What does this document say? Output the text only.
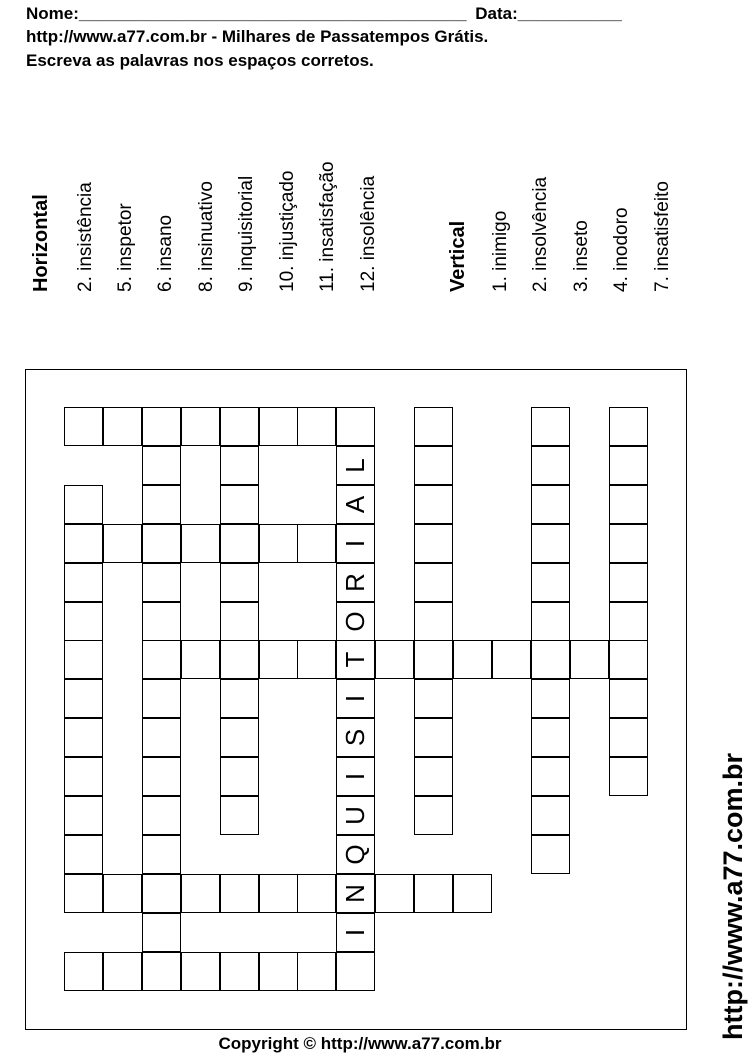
Nome:_________________________________________ Data:___________
http://www.a77.com.br - Milhares de Passatempos Grátis.
Escreva as palavras nos espaços corretos.
Horizontal 2. insistência 5. inspetor 6. insano 8. insinuativo 9. inquisitorial 10. injustiçado 11. insatisfação 12. insolência	Vertical 1. inimigo 2. insolvência 3. inseto 4. inodoro 7. insatisfeito
I
N
Q
U
I
S
I
T
O
R
I
A
L
http://www.a77.com.br
Copyright © http://www.a77.com.br
